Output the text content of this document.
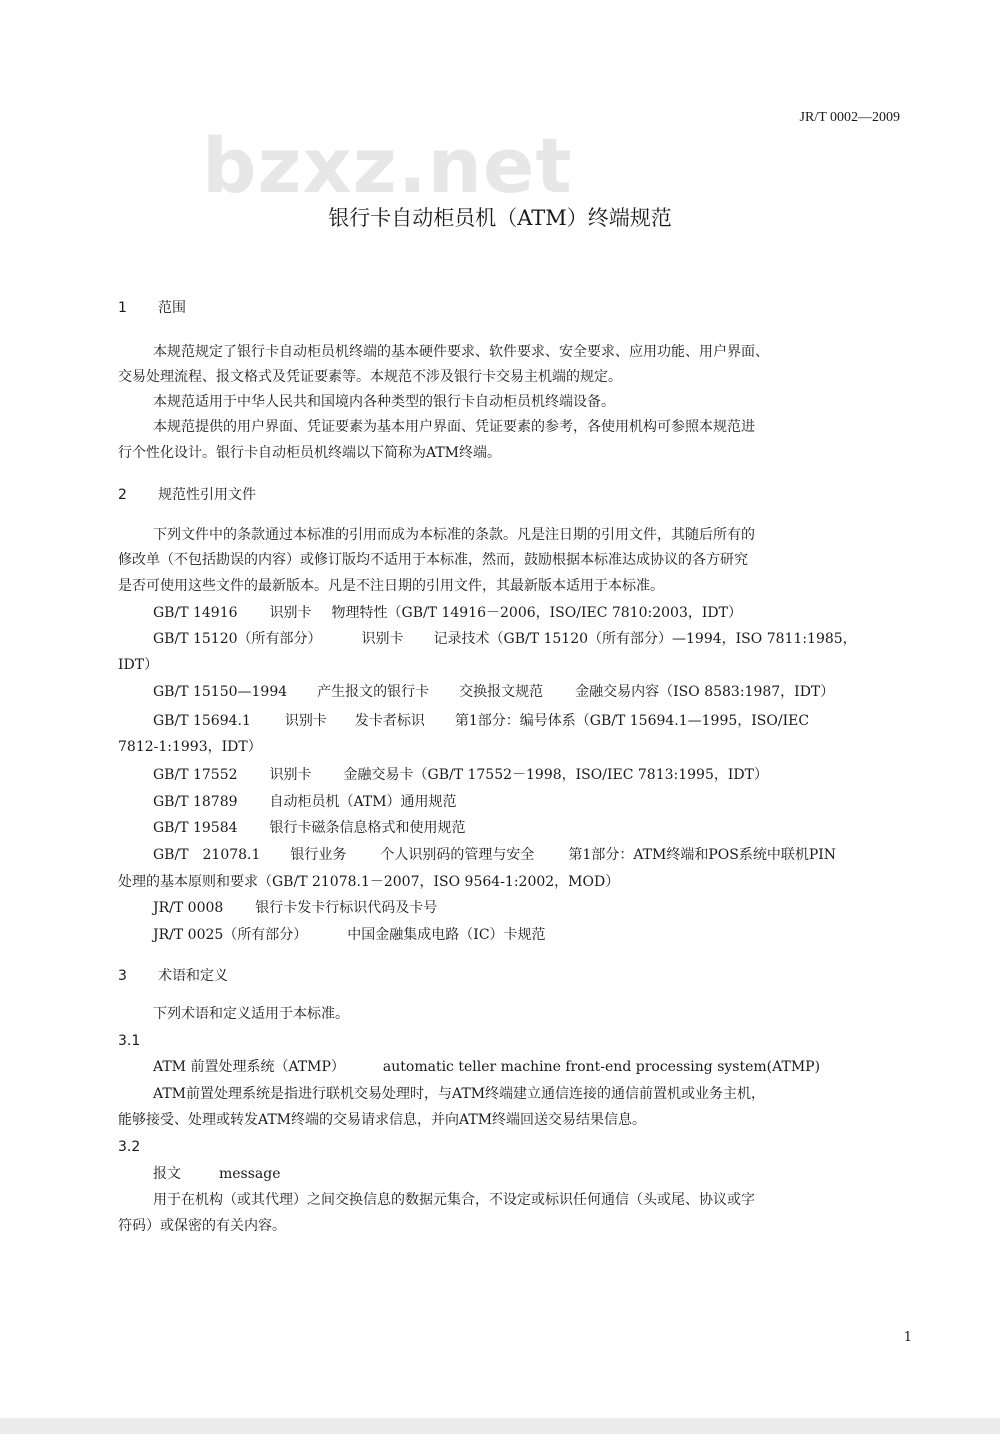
JR/T 0002—2009
bzxz.net
银行卡自动柜员机（ATM）终端规范
1 范围
本规范规定了银行卡自动柜员机终端的基本硬件要求、软件要求、安全要求、应用功能、用户界面、
交易处理流程、报文格式及凭证要素等。本规范不涉及银行卡交易主机端的规定。
本规范适用于中华人民共和国境内各种类型的银行卡自动柜员机终端设备。
本规范提供的用户界面、凭证要素为基本用户界面、凭证要素的参考，各使用机构可参照本规范进
行个性化设计。银行卡自动柜员机终端以下简称为ATM终端。
2 规范性引用文件
下列文件中的条款通过本标准的引用而成为本标准的条款。凡是注日期的引用文件，其随后所有的
修改单（不包括勘误的内容）或修订版均不适用于本标准，然而，鼓励根据本标准达成协议的各方研究
是否可使用这些文件的最新版本。凡是不注日期的引用文件，其最新版本适用于本标准。
GB/T 14916 识别卡 物理特性（GB/T 14916－2006，ISO/IEC 7810:2003，IDT）
GB/T 15120（所有部分）	识别卡 记录技术（GB/T 15120（所有部分）—1994，ISO 7811:1985，
IDT）
GB/T 15150—1994 产生报文的银行卡 交换报文规范 金融交易内容（ISO 8583:1987，IDT）
GB/T 15694.1 识别卡 发卡者标识 第1部分：编号体系（GB/T 15694.1—1995，ISO/IEC
7812-1:1993，IDT）
GB/T 17552 识别卡 金融交易卡（GB/T 17552－1998，ISO/IEC 7813:1995，IDT）
GB/T 18789 自动柜员机（ATM）通用规范
GB/T 19584 银行卡磁条信息格式和使用规范
GB/T　21078.1 银行业务 个人识别码的管理与安全 第1部分：ATM终端和POS系统中联机PIN
处理的基本原则和要求（GB/T 21078.1－2007，ISO 9564-1:2002，MOD）
JR/T 0008 银行卡发卡行标识代码及卡号
JR/T 0025（所有部分）	中国金融集成电路（IC）卡规范
3 术语和定义
下列术语和定义适用于本标准。
3.1
ATM 前置处理系统（ATMP）	automatic teller machine front-end processing system(ATMP)
ATM前置处理系统是指进行联机交易处理时，与ATM终端建立通信连接的通信前置机或业务主机，
能够接受、处理或转发ATM终端的交易请求信息，并向ATM终端回送交易结果信息。
3.2
报文	message
用于在机构（或其代理）之间交换信息的数据元集合，不设定或标识任何通信（头或尾、协议或字
符码）或保密的有关内容。
1
